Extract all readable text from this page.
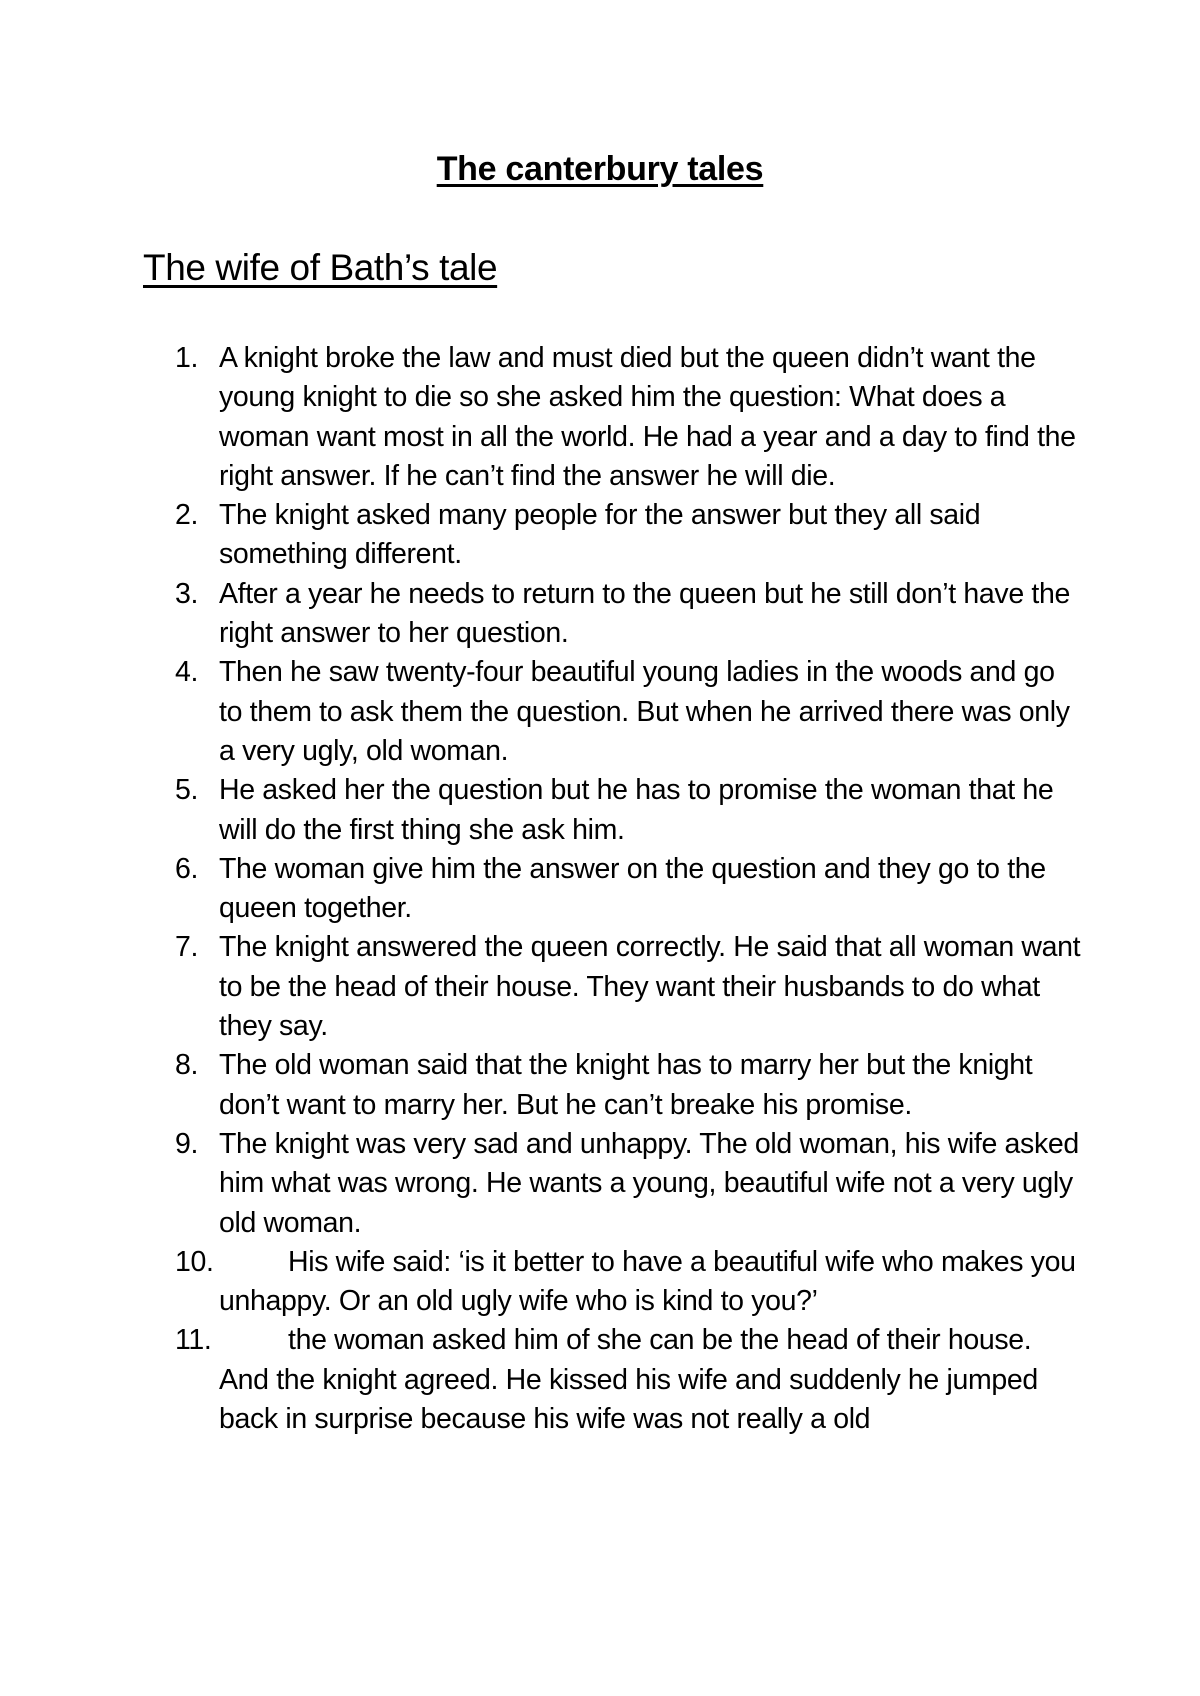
The canterbury tales
The wife of Bath’s tale
1. A knight broke the law and must died but the queen didn’t want the young knight to die so she asked him the question: What does a woman want most in all the world. He had a year and a day to find the right answer. If he can’t find the answer he will die.
2. The knight asked many people for the answer but they all said something different.
3. After a year he needs to return to the queen but he still don’t have the right answer to her question.
4. Then he saw twenty-four beautiful young ladies in the woods and go to them to ask them the question. But when he arrived there was only a very ugly, old woman.
5. He asked her the question but he has to promise the woman that he will do the first thing she ask him.
6. The woman give him the answer on the question and they go to the queen together.
7. The knight answered the queen correctly. He said that all woman want to be the head of their house. They want their husbands to do what they say.
8. The old woman said that the knight has to marry her but the knight don’t want to marry her. But he can’t breake his promise.
9. The knight was very sad and unhappy. The old woman, his wife asked him what was wrong. He wants a young, beautiful wife not a very ugly old woman.
10.	His wife said: ‘is it better to have a beautiful wife who makes you unhappy. Or an old ugly wife who is kind to you?’
11.	the woman asked him of she can be the head of their house. And the knight agreed. He kissed his wife and suddenly he jumped back in surprise because his wife was not really a old
